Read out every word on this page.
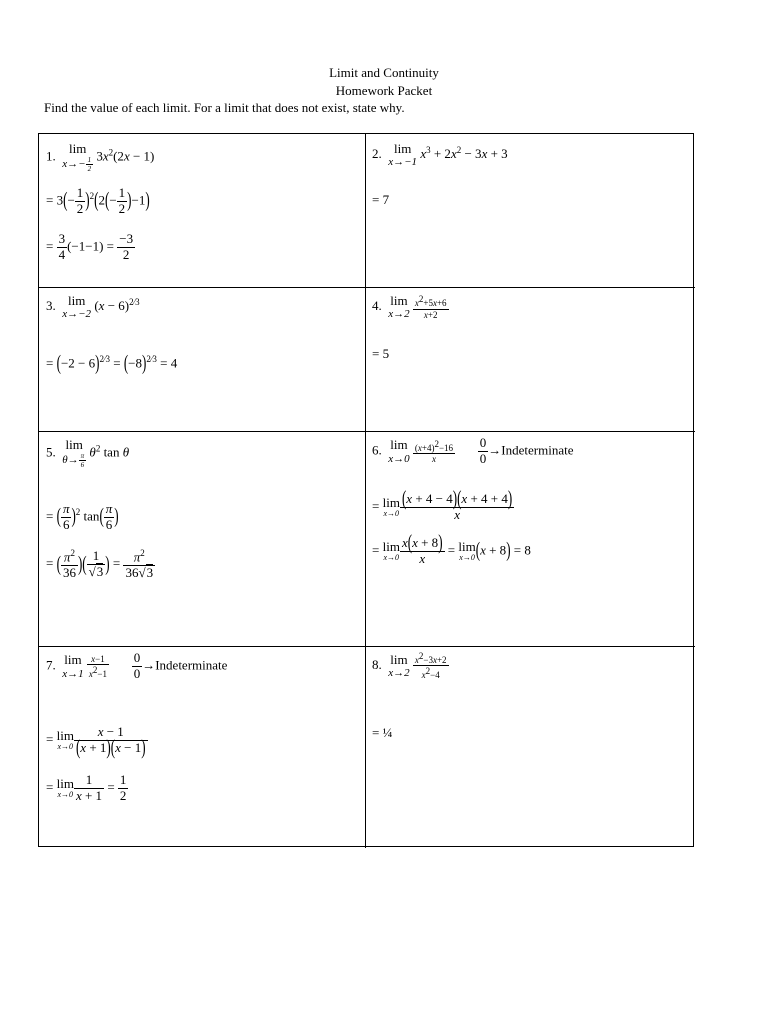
Limit and Continuity
Homework Packet
Find the value of each limit. For a limit that does not exist, state why.
1.  lim
$x\to- \frac{1}{2}$
$3x^2(2x - 1)$
= $3(- \frac{1}{2} )^2(2(- \frac{1}{2} )-1)$
= $\frac{3}{4} (-1-1) = \frac{-3}{2}$
2. lim
x→−1
$x^3 + 2x^2 - 3x + 3$
= 7
3. lim
x→−2
$(x - 6)^{2⁄3}$
= $(-2 - 6)^{2⁄3} = (-8)^{2⁄3} = 4$
4. lim
x→2
$\frac{x^2+5x+6}{x+2}$
= 5
5.  lim
$\theta\to \frac{\pi}{6}$
$\theta^2$ tan θ
= ( $\frac{\pi}{6} )^2$ $\tan( \frac{\pi}{6}$ )
= ( $\frac{\pi^2}{36}$ )( $\frac{1}{√3}$ ) = $\frac{\pi^2}{36√3}$
6. lim
x→0
$\frac{(x+4)^2-16}{x}$
$\frac{0}{0}$ →Indeterminate
= lim
$x\to 0 \frac{(x + 4 - 4)(x + 4 + 4)}{x}$
= lim
$x\to 0 \frac{x(x + 8)}{x} = \lim$
x→0 (x + 8) = 8
7. lim
x→1
$\frac{x-1}{x^2-1}$
$\frac{0}{0}$ →Indeterminate
= lim
$x\to 0 \frac{x - 1}{(x + 1)(x - 1)}$
= lim
$x\to 0 \frac{1}{x + 1} = \frac{1}{2}$
8. lim
x→2
$\frac{x^2-3x+2}{x^2-4}$
= ¼
